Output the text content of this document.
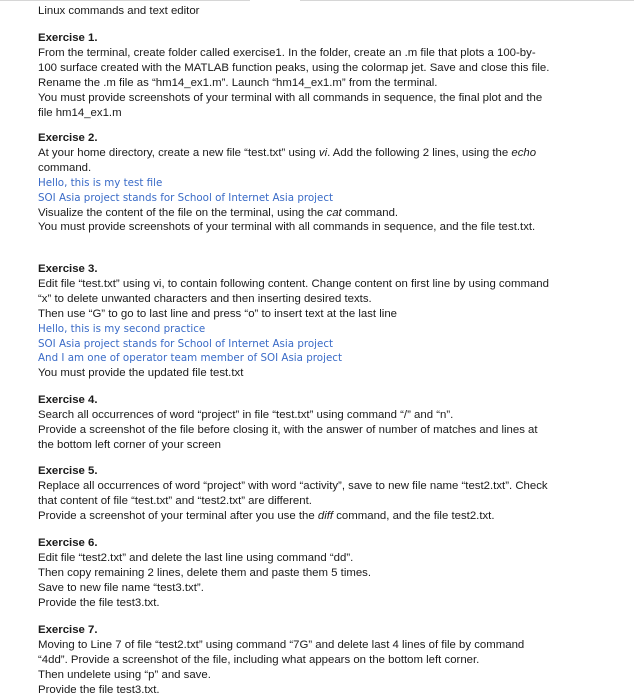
Linux commands and text editor
Exercise 1.
From the terminal, create folder called exercise1. In the folder, create an .m file that plots a 100-by-
100 surface created with the MATLAB function peaks, using the colormap jet. Save and close this file.
Rename the .m file as “hm14_ex1.m”. Launch “hm14_ex1.m” from the terminal.
You must provide screenshots of your terminal with all commands in sequence, the final plot and the
file hm14_ex1.m
Exercise 2.
At your home directory, create a new file “test.txt” using vi. Add the following 2 lines, using the echo
command.
Hello, this is my test file
SOI Asia project stands for School of Internet Asia project
Visualize the content of the file on the terminal, using the cat command.
You must provide screenshots of your terminal with all commands in sequence, and the file test.txt.
Exercise 3.
Edit file “test.txt” using vi, to contain following content. Change content on first line by using command
“x” to delete unwanted characters and then inserting desired texts.
Then use “G” to go to last line and press “o” to insert text at the last line
Hello, this is my second practice
SOI Asia project stands for School of Internet Asia project
And I am one of operator team member of SOI Asia project
You must provide the updated file test.txt
Exercise 4.
Search all occurrences of word “project” in file “test.txt” using command “/” and “n”.
Provide a screenshot of the file before closing it, with the answer of number of matches and lines at
the bottom left corner of your screen
Exercise 5.
Replace all occurrences of word “project” with word “activity”, save to new file name “test2.txt”. Check
that content of file “test.txt” and “test2.txt” are different.
Provide a screenshot of your terminal after you use the diff command, and the file test2.txt.
Exercise 6.
Edit file “test2.txt” and delete the last line using command “dd”.
Then copy remaining 2 lines, delete them and paste them 5 times.
Save to new file name “test3.txt”.
Provide the file test3.txt.
Exercise 7.
Moving to Line 7 of file “test2.txt” using command “7G” and delete last 4 lines of file by command
“4dd”. Provide a screenshot of the file, including what appears on the bottom left corner.
Then undelete using “p” and save.
Provide the file test3.txt.
